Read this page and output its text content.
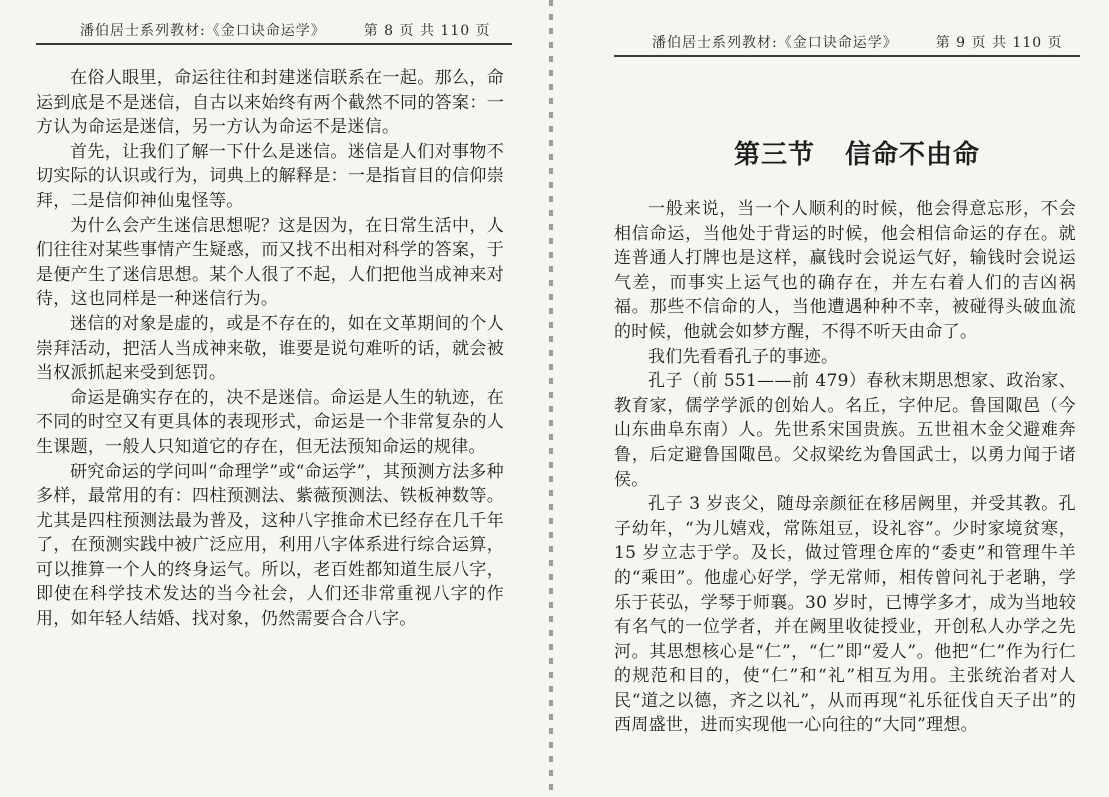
潘伯居士系列教材:《金口诀命运学》	第 8 页 共 110 页

在俗人眼里，命运往往和封建迷信联系在一起。那么，命运到底是不是迷信，自古以来始终有两个截然不同的答案：一方认为命运是迷信，另一方认为命运不是迷信。

首先，让我们了解一下什么是迷信。迷信是人们对事物不切实际的认识或行为，词典上的解释是：一是指盲目的信仰崇拜，二是信仰神仙鬼怪等。

为什么会产生迷信思想呢？这是因为，在日常生活中，人们往往对某些事情产生疑惑，而又找不出相对科学的答案，于是便产生了迷信思想。某个人很了不起，人们把他当成神来对待，这也同样是一种迷信行为。

迷信的对象是虚的，或是不存在的，如在文革期间的个人崇拜活动，把活人当成神来敬，谁要是说句难听的话，就会被当权派抓起来受到惩罚。

命运是确实存在的，决不是迷信。命运是人生的轨迹，在不同的时空又有更具体的表现形式，命运是一个非常复杂的人生课题，一般人只知道它的存在，但无法预知命运的规律。

研究命运的学问叫“命理学”或“命运学”，其预测方法多种多样，最常用的有：四柱预测法、紫薇预测法、铁板神数等。尤其是四柱预测法最为普及，这种八字推命术已经存在几千年了，在预测实践中被广泛应用，利用八字体系进行综合运算，可以推算一个人的终身运气。所以，老百姓都知道生辰八字，即使在科学技术发达的当今社会，人们还非常重视八字的作用，如年轻人结婚、找对象，仍然需要合合八字。

潘伯居士系列教材:《金口诀命运学》	第 9 页 共 110 页
第三节 信命不由命

一般来说，当一个人顺利的时候，他会得意忘形，不会相信命运，当他处于背运的时候，他会相信命运的存在。就连普通人打牌也是这样，赢钱时会说运气好，输钱时会说运气差，而事实上运气也的确存在，并左右着人们的吉凶祸福。那些不信命的人，当他遭遇种种不幸，被碰得头破血流的时候，他就会如梦方醒，不得不听天由命了。

我们先看看孔子的事迹。

孔子（前 551——前 479）春秋末期思想家、政治家、教育家，儒学学派的创始人。名丘，字仲尼。鲁国陬邑（今山东曲阜东南）人。先世系宋国贵族。五世祖木金父避难奔鲁，后定避鲁国陬邑。父叔梁纥为鲁国武士，以勇力闻于诸侯。

孔子 3 岁丧父，随母亲颜征在移居阙里，并受其教。孔子幼年，“为儿嬉戏，常陈俎豆，设礼容”。少时家境贫寒，15 岁立志于学。及长，做过管理仓库的“委吏”和管理牛羊的“乘田”。他虚心好学，学无常师，相传曾问礼于老聃，学乐于苌弘，学琴于师襄。30 岁时，已博学多才，成为当地较有名气的一位学者，并在阙里收徒授业，开创私人办学之先河。其思想核心是“仁”，“仁”即“爱人”。他把“仁”作为行仁的规范和目的，使“仁”和“礼”相互为用。主张统治者对人民“道之以德，齐之以礼”，从而再现“礼乐征伐自天子出”的西周盛世，进而实现他一心向往的“大同”理想。
